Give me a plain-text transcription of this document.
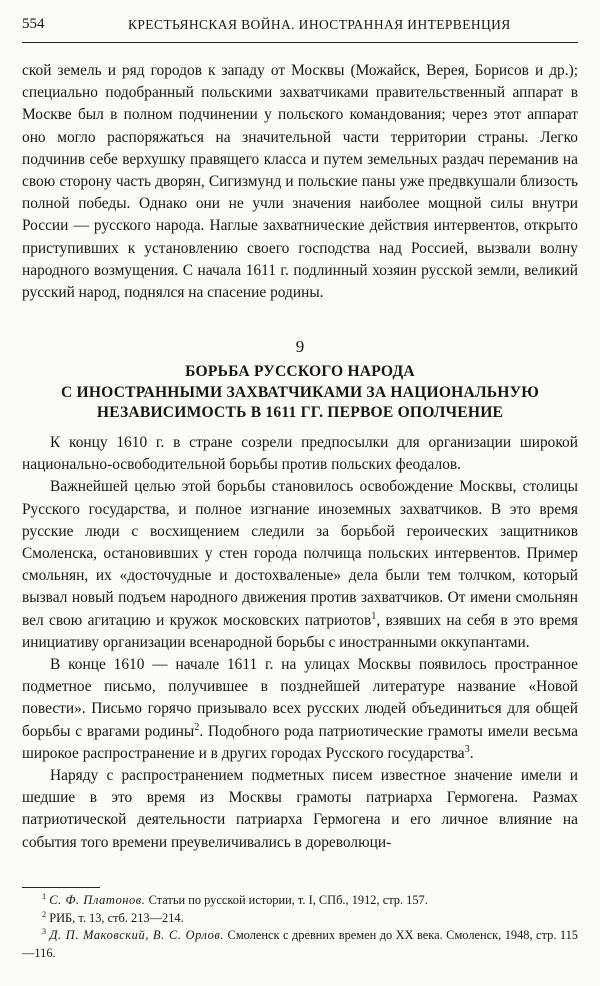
554	КРЕСТЬЯНСКАЯ ВОЙНА. ИНОСТРАННАЯ ИНТЕРВЕНЦИЯ

ской земель и ряд городов к западу от Москвы (Можайск, Верея, Борисов и др.); специально подобранный польскими захватчиками правительственный аппарат в Москве был в полном подчинении у польского командования; через этот аппарат оно могло распоряжаться на значительной части территории страны. Легко подчинив себе верхушку правящего класса и путем земельных раздач переманив на свою сторону часть дворян, Сигизмунд и польские паны уже предвкушали близость полной победы. Однако они не учли значения наиболее мощной силы внутри России — русского народа. Наглые захватнические действия интервентов, открыто приступивших к установлению своего господства над Россией, вызвали волну народного возмущения. С начала 1611 г. подлинный хозяин русской земли, великий русский народ, поднялся на спасение родины.

9
БОРЬБА РУССКОГО НАРОДА
С ИНОСТРАННЫМИ ЗАХВАТЧИКАМИ ЗА НАЦИОНАЛЬНУЮ
НЕЗАВИСИМОСТЬ В 1611 ГГ. ПЕРВОЕ ОПОЛЧЕНИЕ

К концу 1610 г. в стране созрели предпосылки для организации широкой национально-освободительной борьбы против польских феодалов.

Важнейшей целью этой борьбы становилось освобождение Москвы, столицы Русского государства, и полное изгнание иноземных захватчиков. В это время русские люди с восхищением следили за борьбой героических защитников Смоленска, остановивших у стен города полчища польских интервентов. Пример смольнян, их «досточудные и достохваленые» дела были тем толчком, который вызвал новый подъем народного движения против захватчиков. От имени смольнян вел свою агитацию и кружок московских патриотов$^1$, взявших на себя в это время инициативу организации всенародной борьбы с иностранными оккупантами.

В конце 1610 — начале 1611 г. на улицах Москвы появилось пространное подметное письмо, получившее в позднейшей литературе название «Новой повести». Письмо горячо призывало всех русских людей объединиться для общей борьбы с врагами родины$^2$. Подобного рода патриотические грамоты имели весьма широкое распространение и в других городах Русского государства$^3$.

Наряду с распространением подметных писем известное значение имели и шедшие в это время из Москвы грамоты патриарха Гермогена. Размах патриотической деятельности патриарха Гермогена и его личное влияние на события того времени преувеличивались в дореволюци-

$^1$ С. Ф. Платонов. Статьи по русской истории, т. I, СПб., 1912, стр. 157.

$^2$ РИБ, т. 13, стб. 213—214.

$^3$ Д. П. Маковский, В. С. Орлов. Смоленск с древних времен до XX века. Смоленск, 1948, стр. 115—116.
